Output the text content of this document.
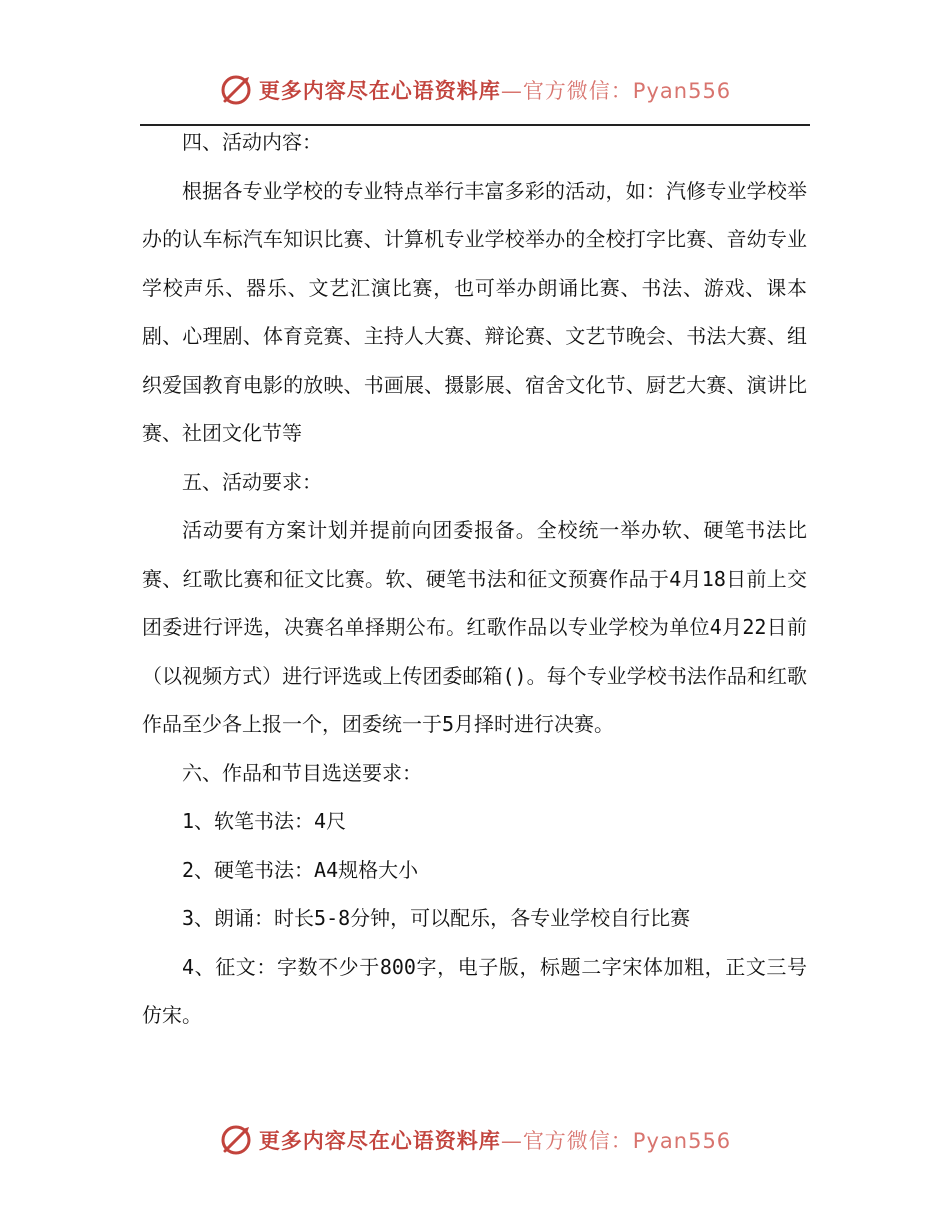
更多内容尽在心语资料库—官方微信：Pyan556

四、活动内容：

根据各专业学校的专业特点举行丰富多彩的活动，如：汽修专业学校举办的认车标汽车知识比赛、计算机专业学校举办的全校打字比赛、音幼专业学校声乐、器乐、文艺汇演比赛，也可举办朗诵比赛、书法、游戏、课本剧、心理剧、体育竞赛、主持人大赛、辩论赛、文艺节晚会、书法大赛、组织爱国教育电影的放映、书画展、摄影展、宿舍文化节、厨艺大赛、演讲比赛、社团文化节等

五、活动要求：

活动要有方案计划并提前向团委报备。全校统一举办软、硬笔书法比赛、红歌比赛和征文比赛。软、硬笔书法和征文预赛作品于4月18日前上交团委进行评选，决赛名单择期公布。红歌作品以专业学校为单位4月22日前（以视频方式）进行评选或上传团委邮箱()。每个专业学校书法作品和红歌作品至少各上报一个，团委统一于5月择时进行决赛。

六、作品和节目选送要求：

1、软笔书法：4尺

2、硬笔书法：A4规格大小

3、朗诵：时长5-8分钟，可以配乐，各专业学校自行比赛

4、征文：字数不少于800字，电子版，标题二字宋体加粗，正文三号仿宋。

更多内容尽在心语资料库—官方微信：Pyan556
